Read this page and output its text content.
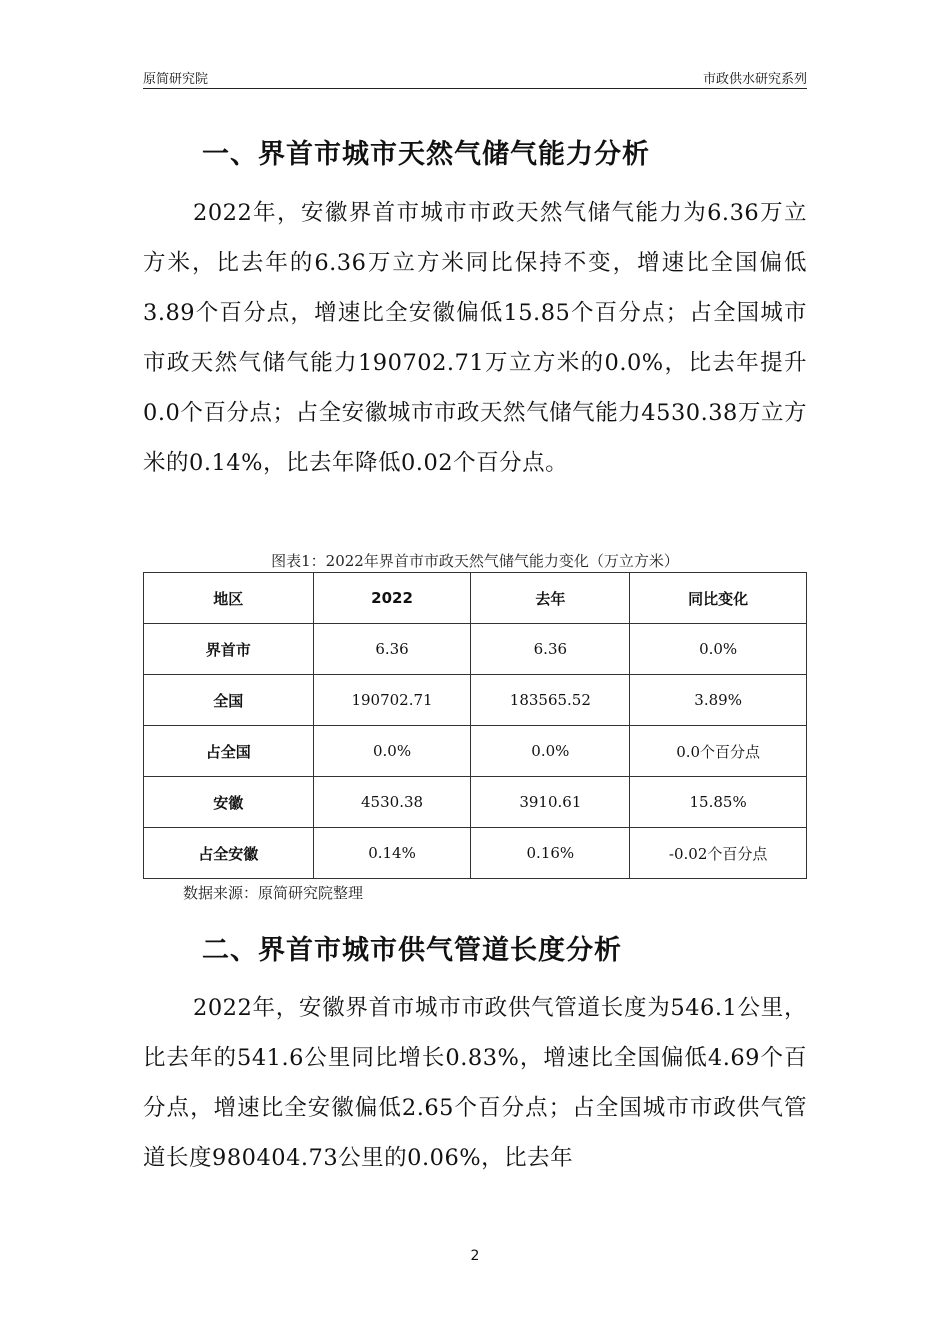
原简研究院	市政供水研究系列
一、界首市城市天然气储气能力分析

2022年，安徽界首市城市市政天然气储气能力为6.36万立方米，比去年的6.36万立方米同比保持不变，增速比全国偏低3.89个百分点，增速比全安徽偏低15.85个百分点；占全国城市市政天然气储气能力190702.71万立方米的0.0%，比去年提升0.0个百分点；占全安徽城市市政天然气储气能力4530.38万立方米的0.14%，比去年降低0.02个百分点。

图表1：2022年界首市市政天然气储气能力变化（万立方米）
地区	2022	去年	同比变化
界首市	6.36	6.36	0.0%
全国	190702.71	183565.52	3.89%
占全国	0.0%	0.0%	0.0个百分点
安徽	4530.38	3910.61	15.85%
占全安徽	0.14%	0.16%	-0.02个百分点
数据来源：原简研究院整理
二、界首市城市供气管道长度分析

2022年，安徽界首市城市市政供气管道长度为546.1公里，比去年的541.6公里同比增长0.83%，增速比全国偏低4.69个百分点，增速比全安徽偏低2.65个百分点；占全国城市市政供气管道长度980404.73公里的0.06%，比去年

2
